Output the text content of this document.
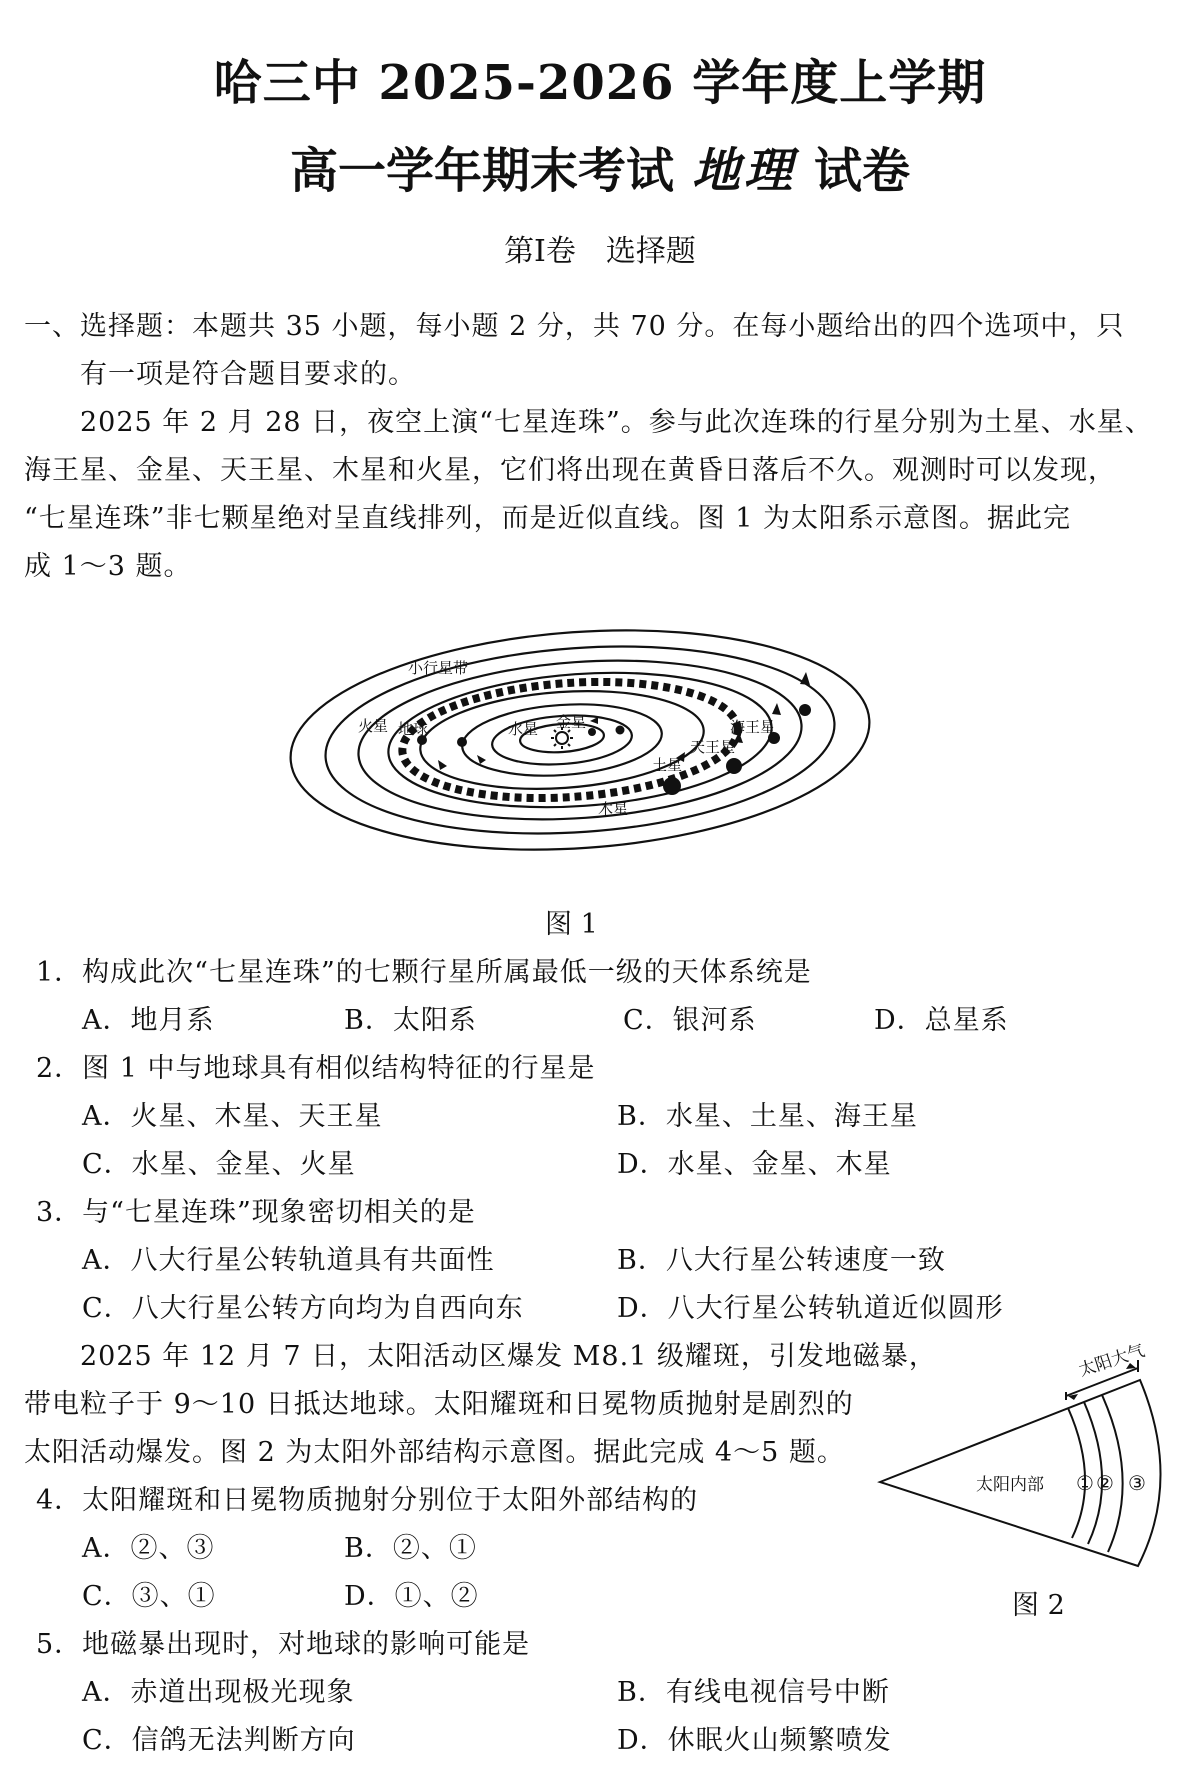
哈三中 2025-2026 学年度上学期
高一学年期末考试 地理 试卷
第Ⅰ卷　选择题
一、选择题：本题共 35 小题，每小题 2 分，共 70 分。在每小题给出的四个选项中，只
有一项是符合题目要求的。
2025 年 2 月 28 日，夜空上演“七星连珠”。参与此次连珠的行星分别为土星、水星、
海王星、金星、天王星、木星和火星，它们将出现在黄昏日落后不久。观测时可以发现，
“七星连珠”非七颗星绝对呈直线排列，而是近似直线。图 1 为太阳系示意图。据此完
成 1～3 题。
小行星带
火星 地球	水星 金星	海王星
天王星
土星
木星
图 1
1．构成此次“七星连珠”的七颗行星所属最低一级的天体系统是
A．地月系	B．太阳系	C．银河系	D．总星系
2．图 1 中与地球具有相似结构特征的行星是
A．火星、木星、天王星	B．水星、土星、海王星
C．水星、金星、火星	D．水星、金星、木星
3．与“七星连珠”现象密切相关的是
A．八大行星公转轨道具有共面性	B．八大行星公转速度一致
C．八大行星公转方向均为自西向东	D．八大行星公转轨道近似圆形
2025 年 12 月 7 日，太阳活动区爆发 M8.1 级耀斑，引发地磁暴，
带电粒子于 9～10 日抵达地球。太阳耀斑和日冕物质抛射是剧烈的
太阳活动爆发。图 2 为太阳外部结构示意图。据此完成 4～5 题。
太阳大气
太阳内部 ① ② ③
图 2
4．太阳耀斑和日冕物质抛射分别位于太阳外部结构的
A．②、③	B．②、①
C．③、①	D．①、②
5．地磁暴出现时，对地球的影响可能是
A．赤道出现极光现象	B．有线电视信号中断
C．信鸽无法判断方向	D．休眠火山频繁喷发
